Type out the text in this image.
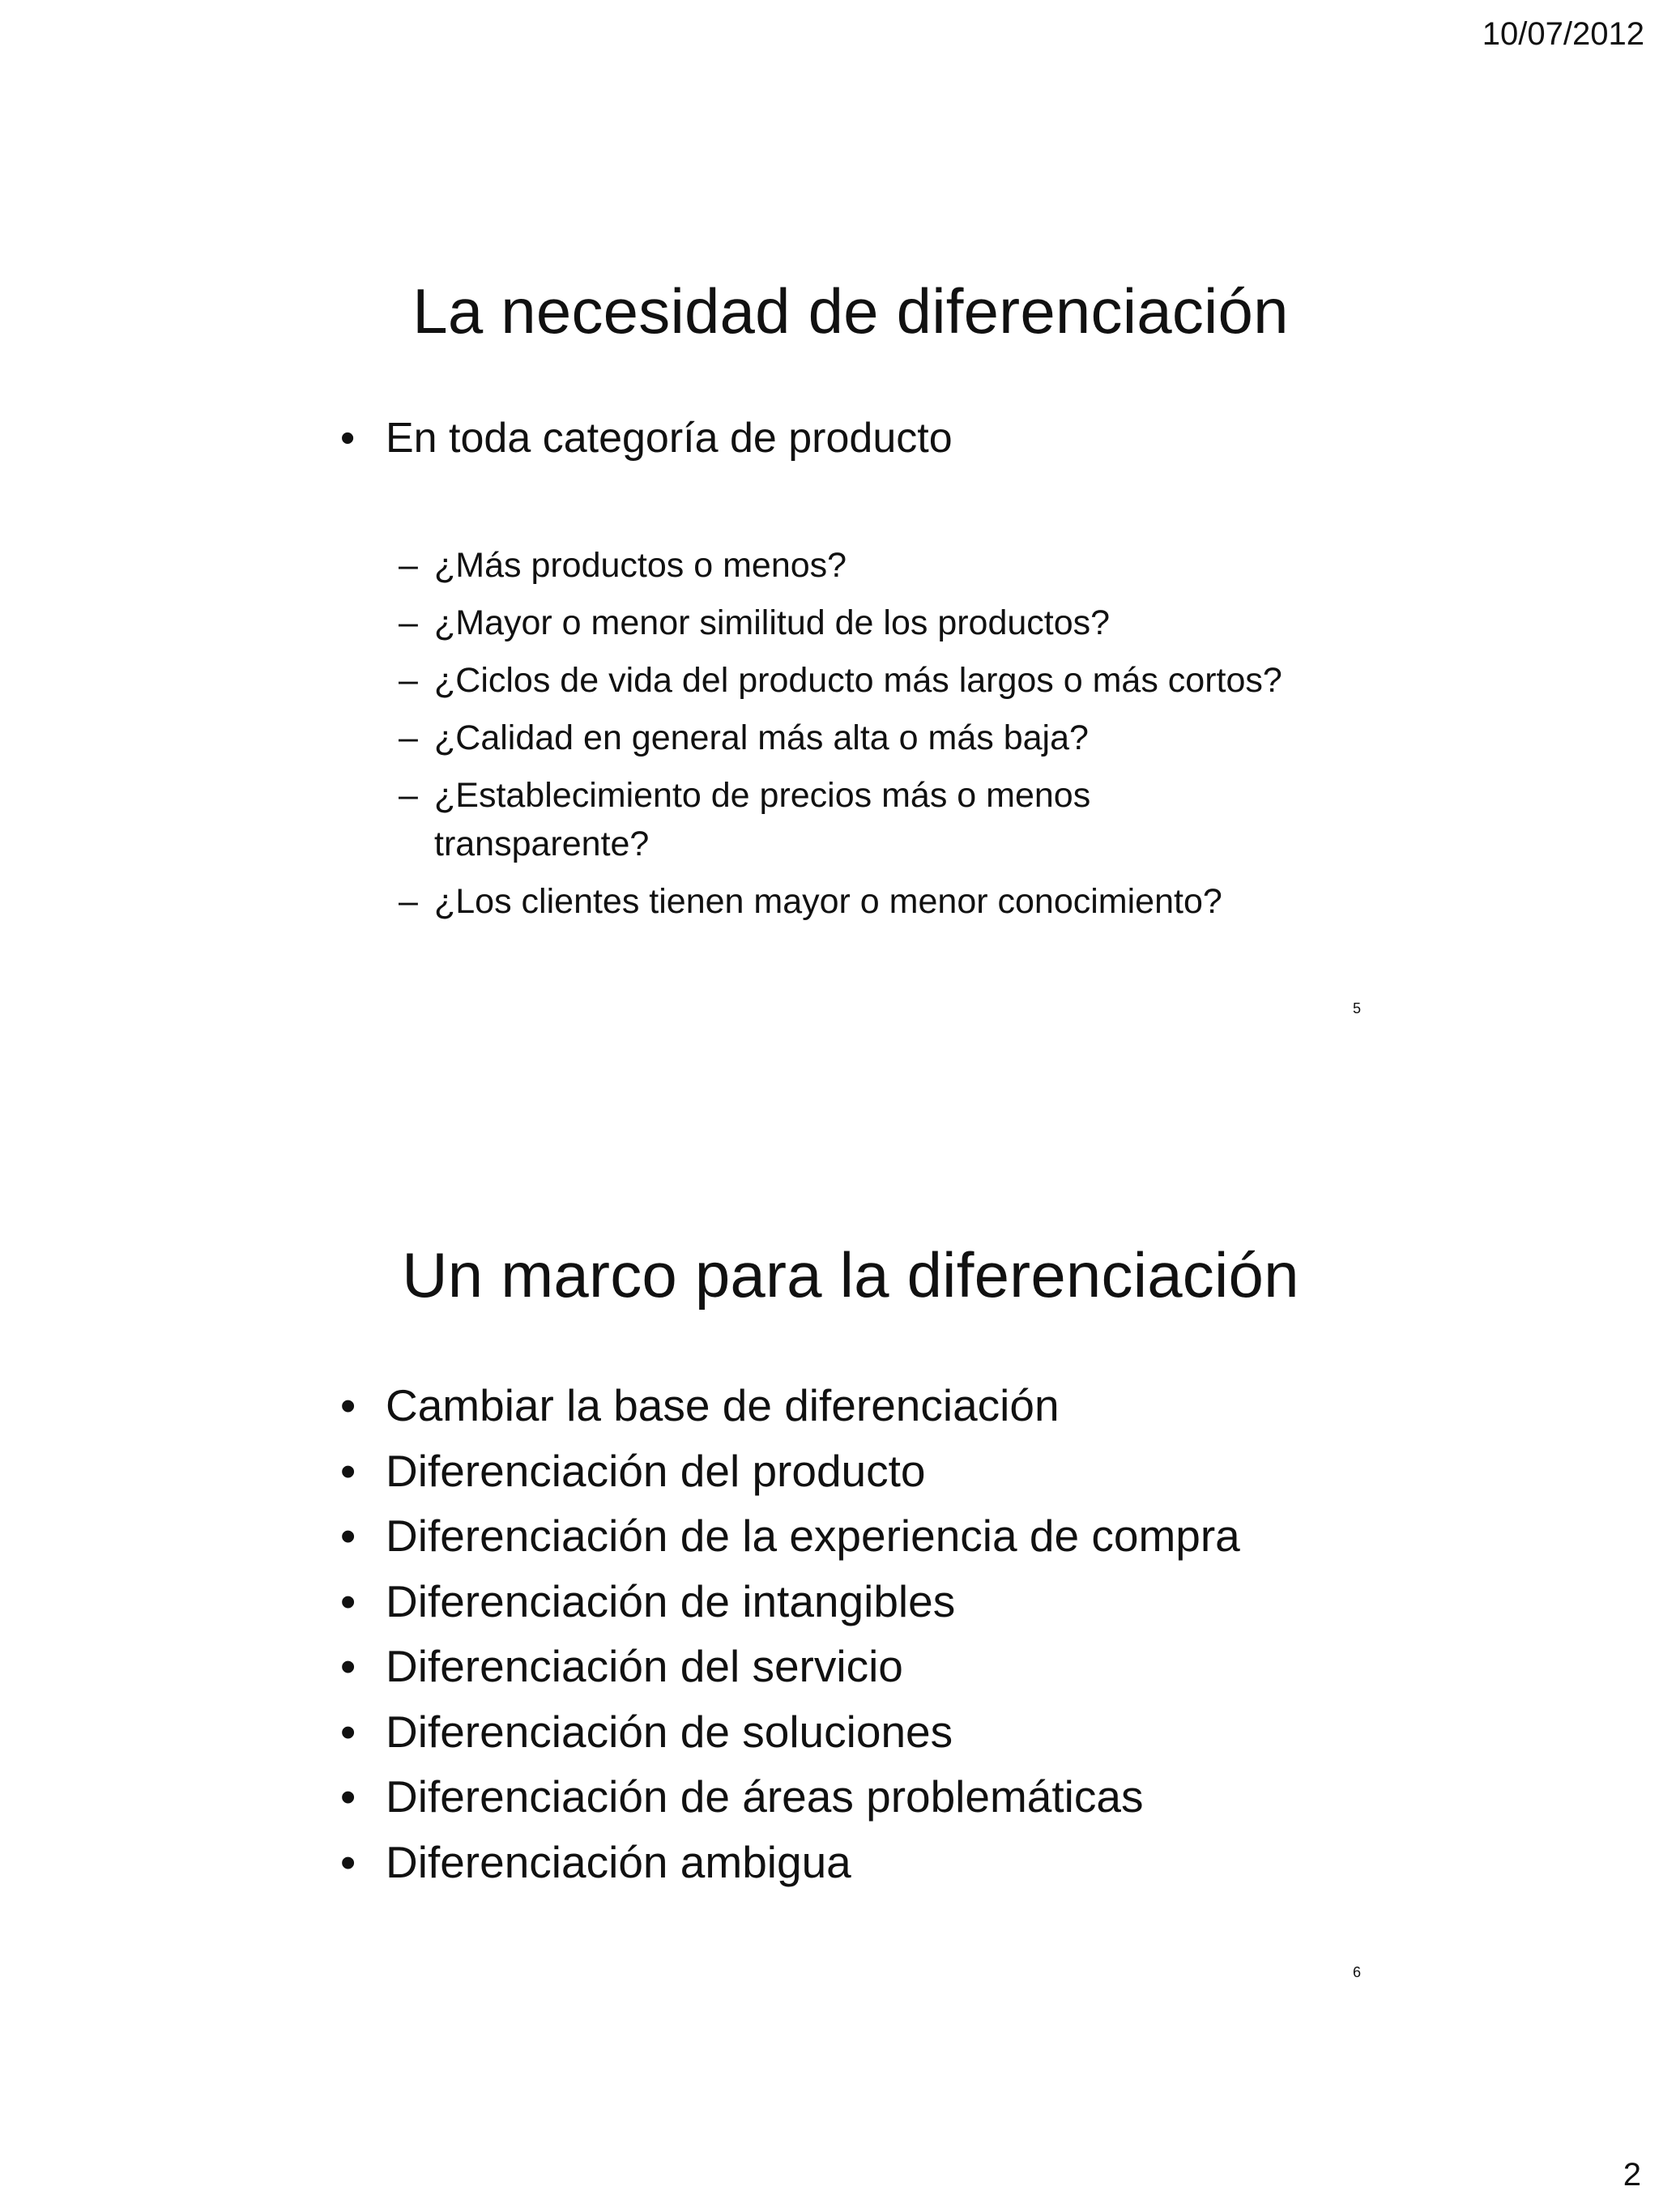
10/07/2012
La necesidad de diferenciación
• En toda categoría de producto
– ¿Más productos o menos?
– ¿Mayor o menor similitud de los productos?
– ¿Ciclos de vida del producto más largos o más cortos?
– ¿Calidad en general más alta o más baja?
– ¿Establecimiento de precios más o menos transparente?
– ¿Los clientes tienen mayor o menor conocimiento?
5
Un marco para la diferenciación
• Cambiar la base de diferenciación
• Diferenciación del producto
• Diferenciación de la experiencia de compra
• Diferenciación de intangibles
• Diferenciación del servicio
• Diferenciación de soluciones
• Diferenciación de áreas problemáticas
• Diferenciación ambigua
6
2
